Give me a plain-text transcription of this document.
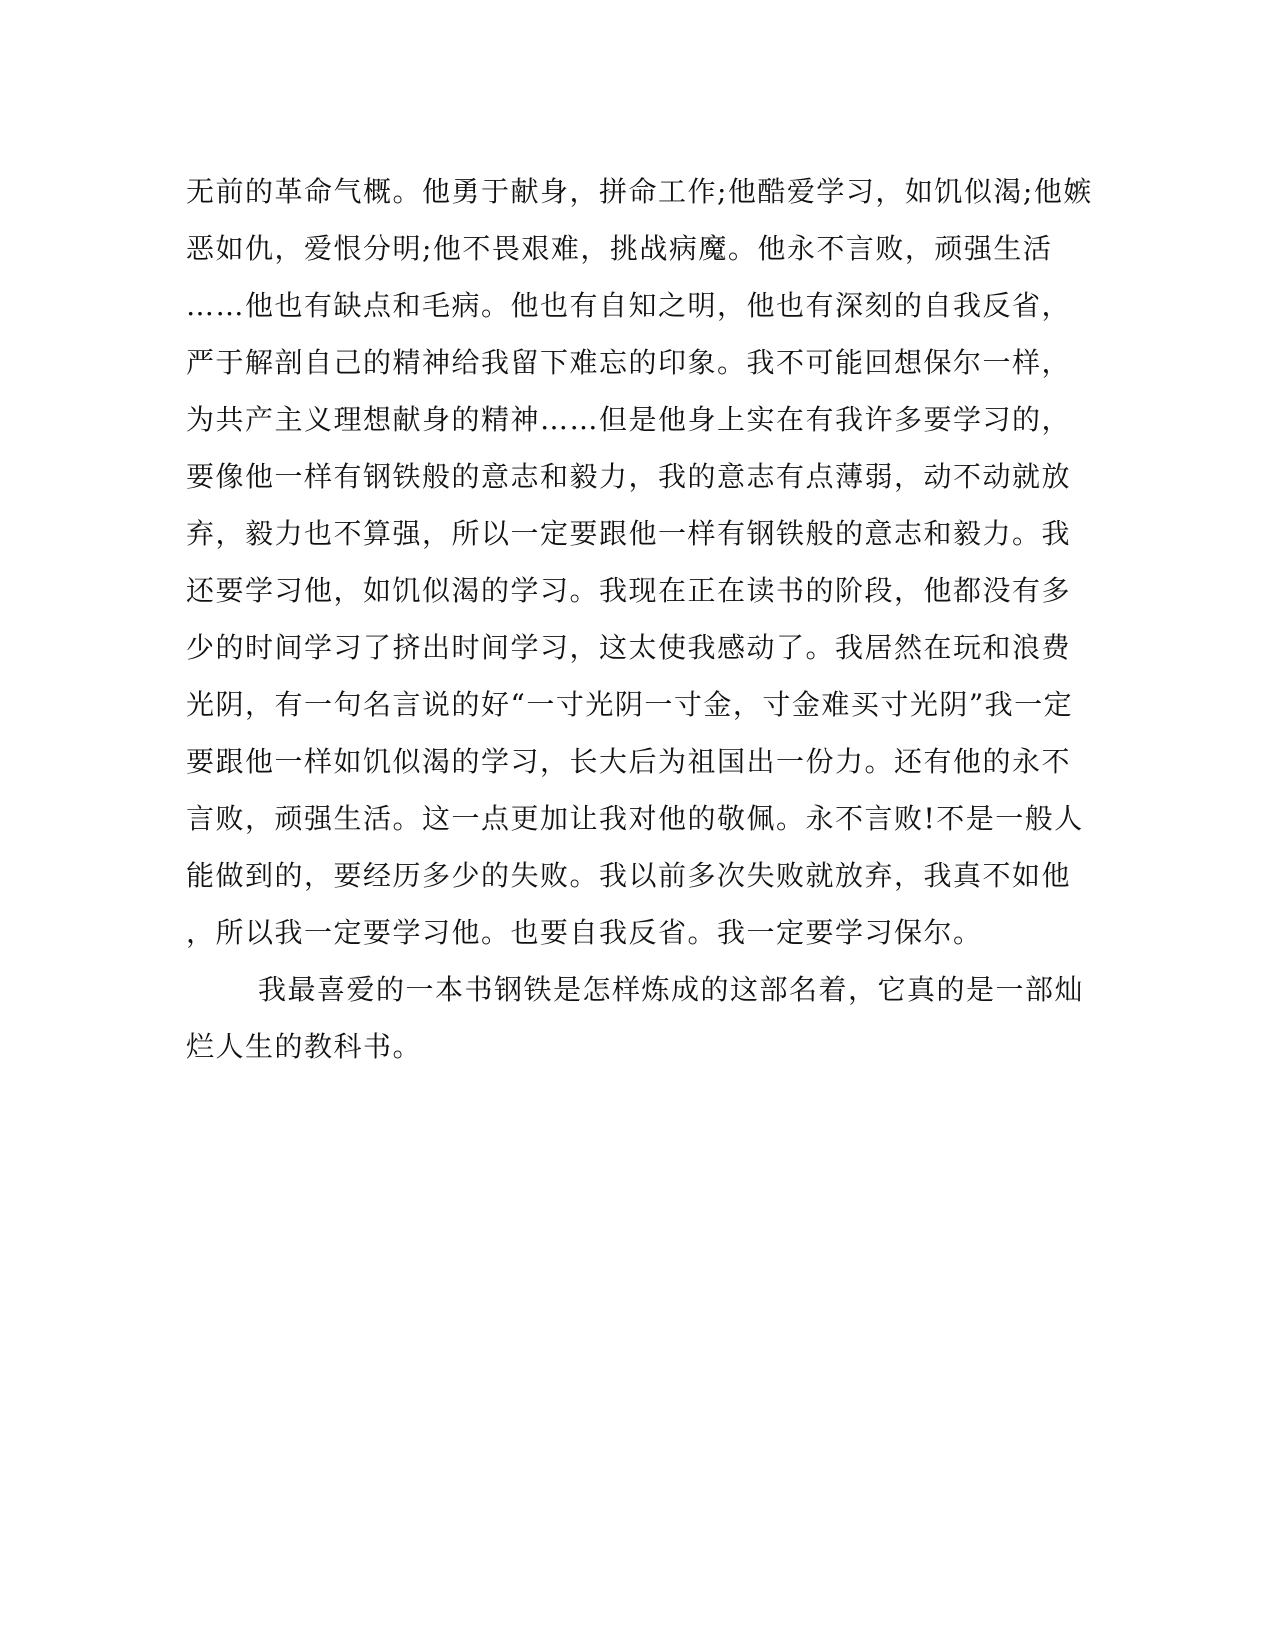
无前的革命气概。他勇于献身，拼命工作;他酷爱学习，如饥似渴;他嫉
恶如仇，爱恨分明;他不畏艰难，挑战病魔。他永不言败，顽强生活
……他也有缺点和毛病。他也有自知之明，他也有深刻的自我反省，
严于解剖自己的精神给我留下难忘的印象。我不可能回想保尔一样，
为共产主义理想献身的精神……但是他身上实在有我许多要学习的，
要像他一样有钢铁般的意志和毅力，我的意志有点薄弱，动不动就放
弃，毅力也不算强，所以一定要跟他一样有钢铁般的意志和毅力。我
还要学习他，如饥似渴的学习。我现在正在读书的阶段，他都没有多
少的时间学习了挤出时间学习，这太使我感动了。我居然在玩和浪费
光阴，有一句名言说的好“一寸光阴一寸金，寸金难买寸光阴”我一定
要跟他一样如饥似渴的学习，长大后为祖国出一份力。还有他的永不
言败，顽强生活。这一点更加让我对他的敬佩。永不言败!不是一般人
能做到的，要经历多少的失败。我以前多次失败就放弃，我真不如他
，所以我一定要学习他。也要自我反省。我一定要学习保尔。
我最喜爱的一本书钢铁是怎样炼成的这部名着，它真的是一部灿
烂人生的教科书。
